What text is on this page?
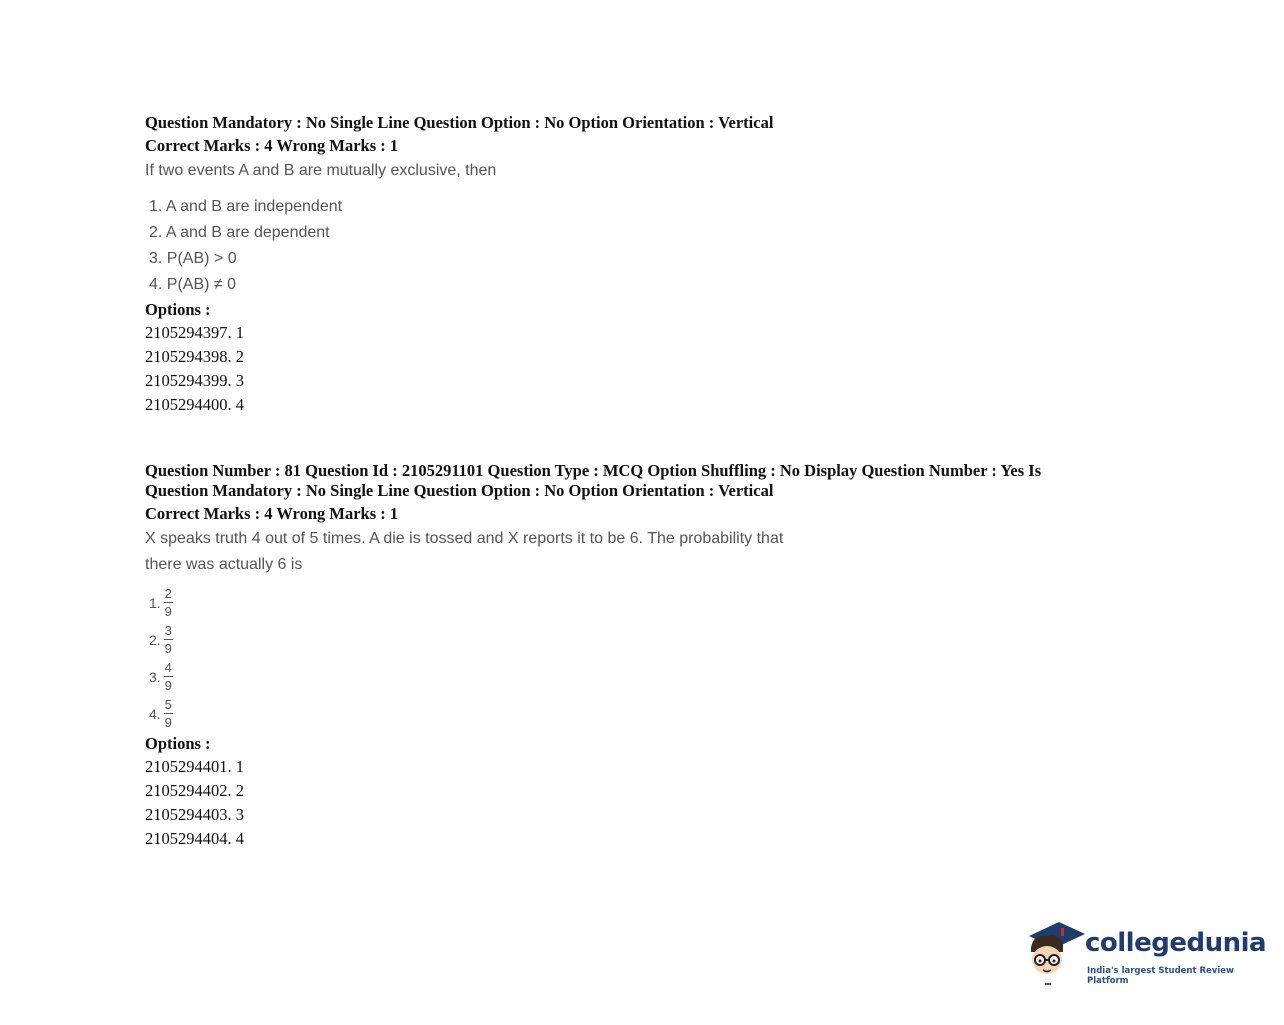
Question Mandatory : No Single Line Question Option : No Option Orientation : Vertical
Correct Marks : 4 Wrong Marks : 1
If two events A and B are mutually exclusive, then
1. A and B are independent
2. A and B are dependent
3. P(AB) > 0
4. P(AB) ≠ 0
Options :
2105294397. 1
2105294398. 2
2105294399. 3
2105294400. 4
Question Number : 81 Question Id : 2105291101 Question Type : MCQ Option Shuffling : No Display Question Number : Yes Is
Question Mandatory : No Single Line Question Option : No Option Orientation : Vertical
Correct Marks : 4 Wrong Marks : 1
X speaks truth 4 out of 5 times. A die is tossed and X reports it to be 6. The probability that
there was actually 6 is
1. $\frac{2}{9}$
2. $\frac{3}{9}$
3. $\frac{4}{9}$
4. $\frac{5}{9}$
Options :
2105294401. 1
2105294402. 2
2105294403. 3
2105294404. 4
collegedunia
India's largest Student Review Platform
